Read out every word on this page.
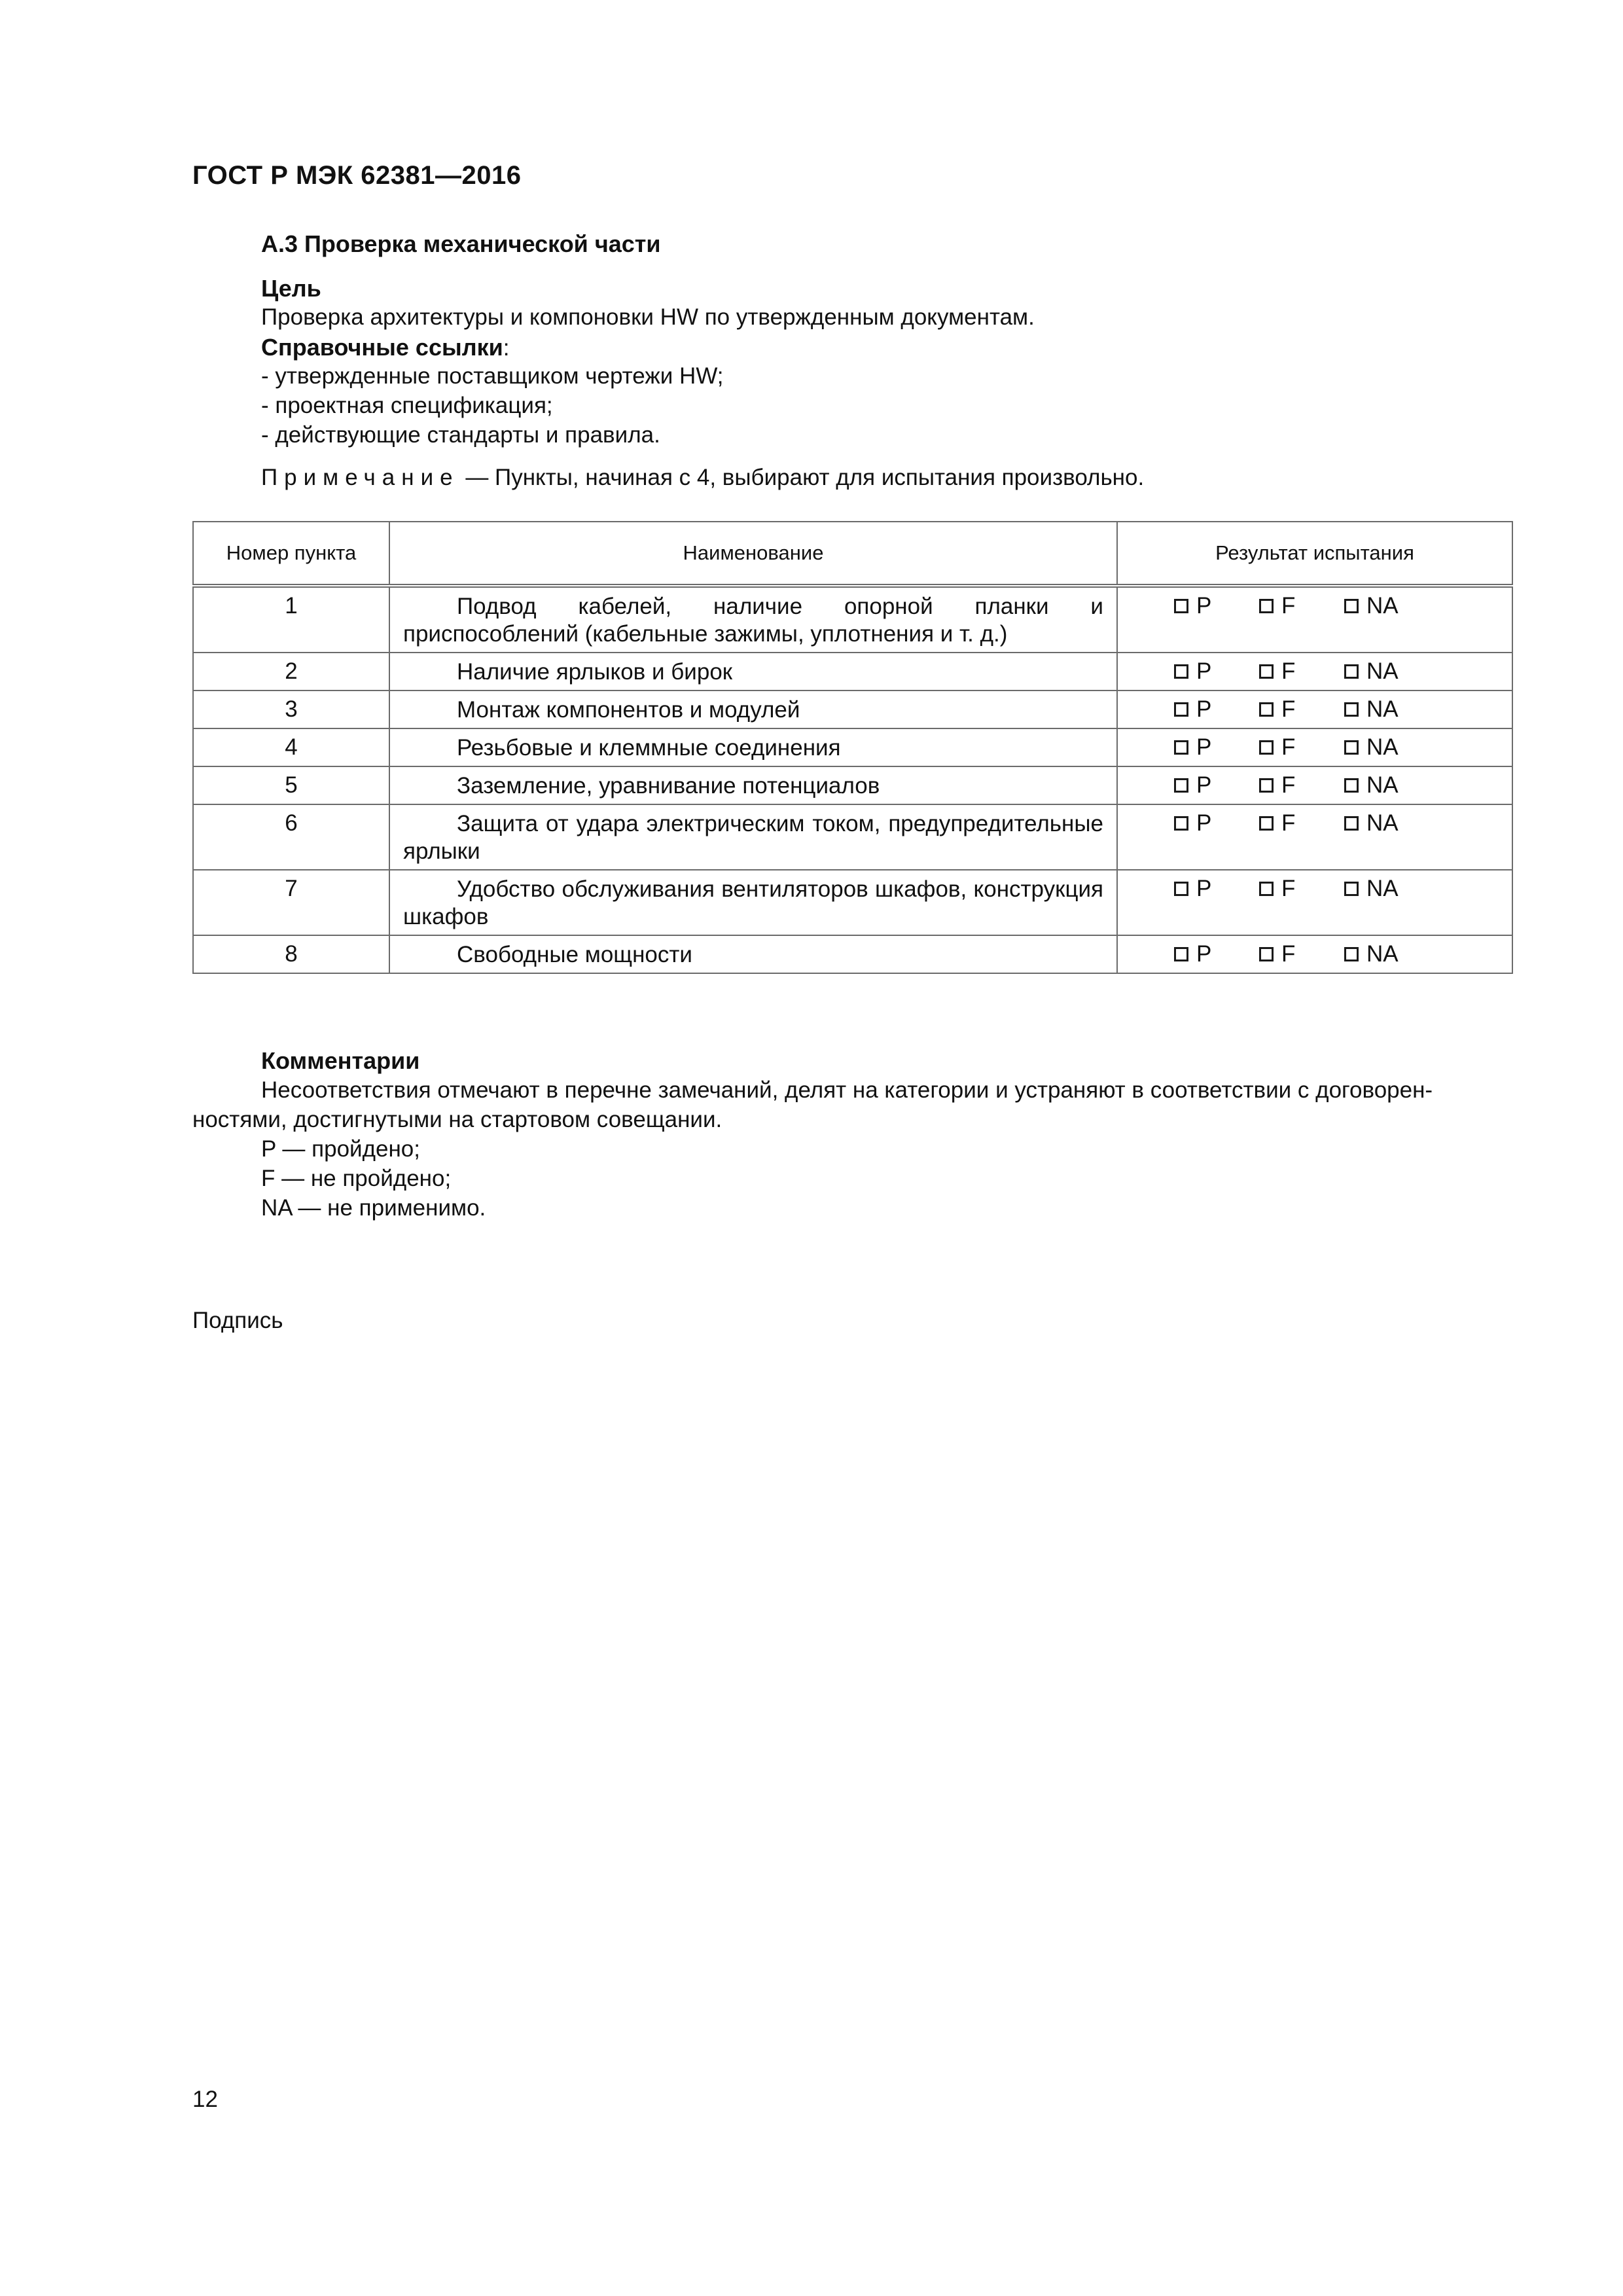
ГОСТ Р МЭК 62381—2016
А.3 Проверка механической части
Цель
Проверка архитектуры и компоновки HW по утвержденным документам.
Справочные ссылки:
- утвержденные поставщиком чертежи HW;
- проектная спецификация;
- действующие стандарты и правила.
Примечание — Пункты, начиная с 4, выбирают для испытания произвольно.
Номер пункта	Наименование	Результат испытания
1	Подвод кабелей, наличие опорной планки и приспособлений (кабельные зажимы, уплотнения и т. д.)	P F NA

2	Наличие ярлыков и бирок	P F NA

3	Монтаж компонентов и модулей	P F NA

4	Резьбовые и клеммные соединения	P F NA

5	Заземление, уравнивание потенциалов	P F NA

6	Защита от удара электрическим током, предупредительные ярлыки	P F NA

7	Удобство обслуживания вентиляторов шкафов, конструкция шкафов	P F NA

8	Свободные мощности	P F NA
Комментарии
Несоответствия отмечают в перечне замечаний, делят на категории и устраняют в соответствии с договорен-
ностями, достигнутыми на стартовом совещании.
P — пройдено;
F — не пройдено;
NA — не применимо.
Подпись
12
